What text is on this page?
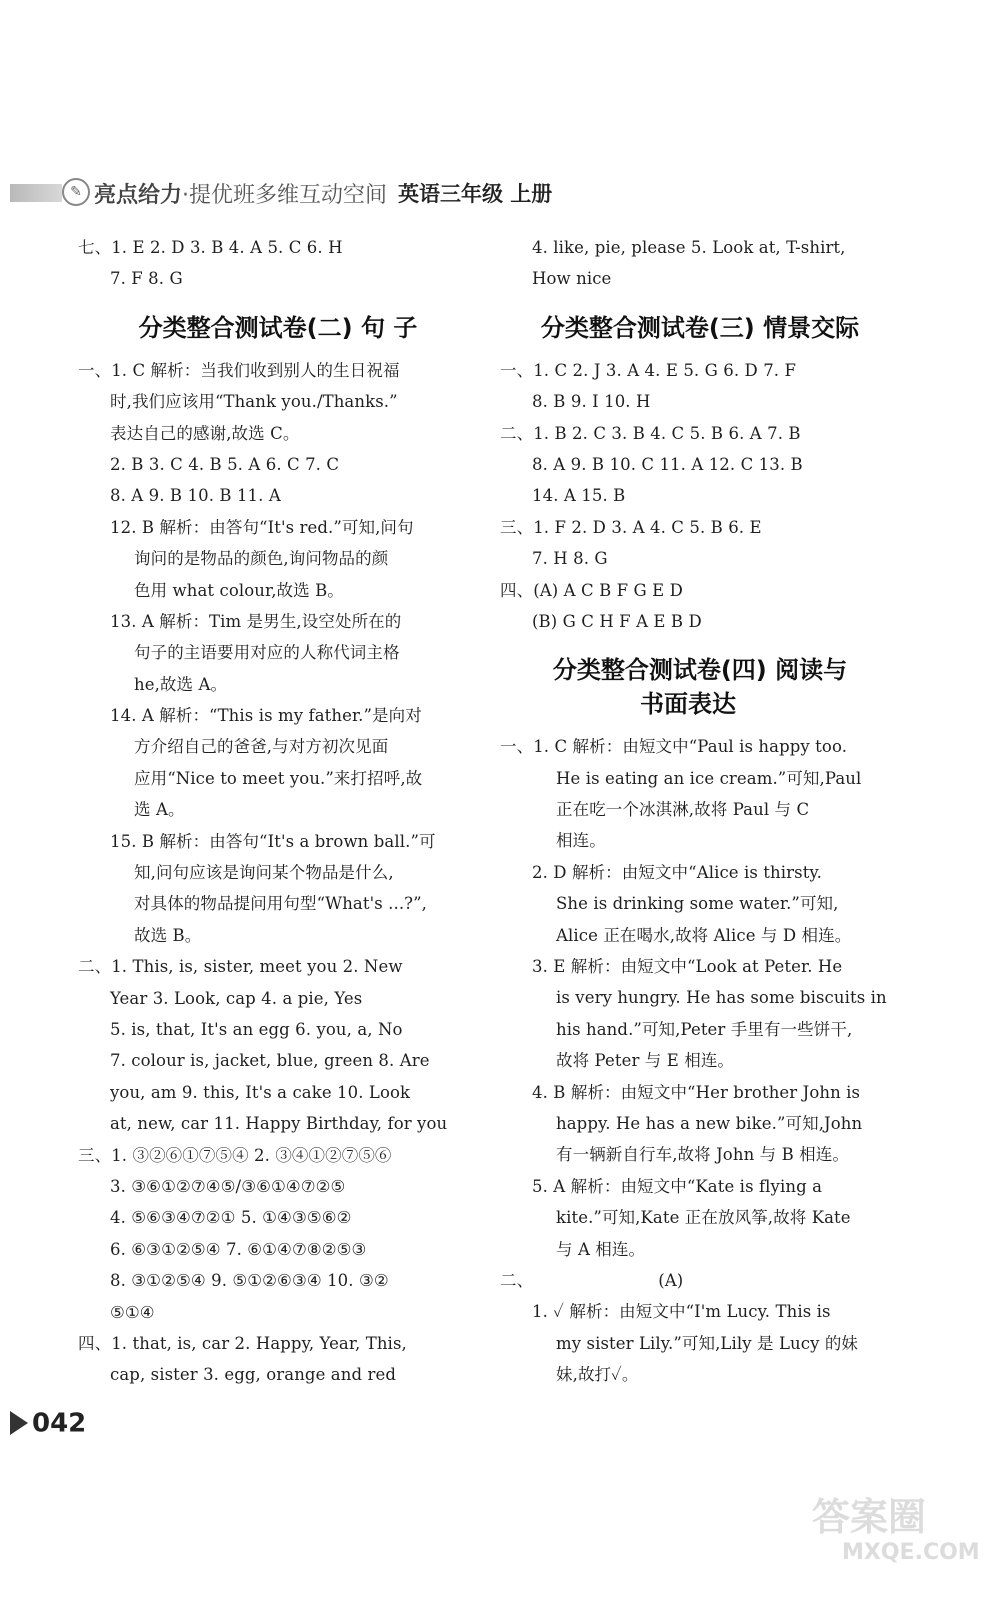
✎ 亮点给力·提优班多维互动空间 英语三年级 上册
七、1. E 2. D 3. B 4. A 5. C 6. H
7. F 8. G
分类整合测试卷(二) 句 子
一、1. C 解析：当我们收到别人的生日祝福
时,我们应该用“Thank you./Thanks.”
表达自己的感谢,故选 C。
2. B 3. C 4. B 5. A 6. C 7. C
8. A 9. B 10. B 11. A
12. B 解析：由答句“It's red.”可知,问句
询问的是物品的颜色,询问物品的颜
色用 what colour,故选 B。
13. A 解析：Tim 是男生,设空处所在的
句子的主语要用对应的人称代词主格
he,故选 A。
14. A 解析：“This is my father.”是向对
方介绍自己的爸爸,与对方初次见面
应用“Nice to meet you.”来打招呼,故
选 A。
15. B 解析：由答句“It's a brown ball.”可
知,问句应该是询问某个物品是什么,
对具体的物品提问用句型“What's ...?”,
故选 B。
二、1. This, is, sister, meet you 2. New
Year 3. Look, cap 4. a pie, Yes
5. is, that, It's an egg 6. you, a, No
7. colour is, jacket, blue, green 8. Are
you, am 9. this, It's a cake 10. Look
at, new, car 11. Happy Birthday, for you
三、1. ③②⑥①⑦⑤④ 2. ③④①②⑦⑤⑥
3. ③⑥①②⑦④⑤/③⑥①④⑦②⑤
4. ⑤⑥③④⑦②① 5. ①④③⑤⑥②
6. ⑥③①②⑤④ 7. ⑥①④⑦⑧②⑤③
8. ③①②⑤④ 9. ⑤①②⑥③④ 10. ③②
⑤①④
四、1. that, is, car 2. Happy, Year, This,
cap, sister 3. egg, orange and red
4. like, pie, please 5. Look at, T-shirt,
How nice
分类整合测试卷(三) 情景交际
一、1. C 2. J 3. A 4. E 5. G 6. D 7. F
8. B 9. I 10. H
二、1. B 2. C 3. B 4. C 5. B 6. A 7. B
8. A 9. B 10. C 11. A 12. C 13. B
14. A 15. B
三、1. F 2. D 3. A 4. C 5. B 6. E
7. H 8. G
四、(A) A C B F G E D
(B) G C H F A E B D
分类整合测试卷(四) 阅读与
书面表达
一、1. C 解析：由短文中“Paul is happy too.
He is eating an ice cream.”可知,Paul
正在吃一个冰淇淋,故将 Paul 与 C
相连。
2. D 解析：由短文中“Alice is thirsty.
She is drinking some water.”可知,
Alice 正在喝水,故将 Alice 与 D 相连。
3. E 解析：由短文中“Look at Peter. He
is very hungry. He has some biscuits in
his hand.”可知,Peter 手里有一些饼干,
故将 Peter 与 E 相连。
4. B 解析：由短文中“Her brother John is
happy. He has a new bike.”可知,John
有一辆新自行车,故将 John 与 B 相连。
5. A 解析：由短文中“Kate is flying a
kite.”可知,Kate 正在放风筝,故将 Kate
与 A 相连。
二、	(A)
1. ✓ 解析：由短文中“I'm Lucy. This is
my sister Lily.”可知,Lily 是 Lucy 的妹
妹,故打✓。
042
答案圈
MXQE.COM
